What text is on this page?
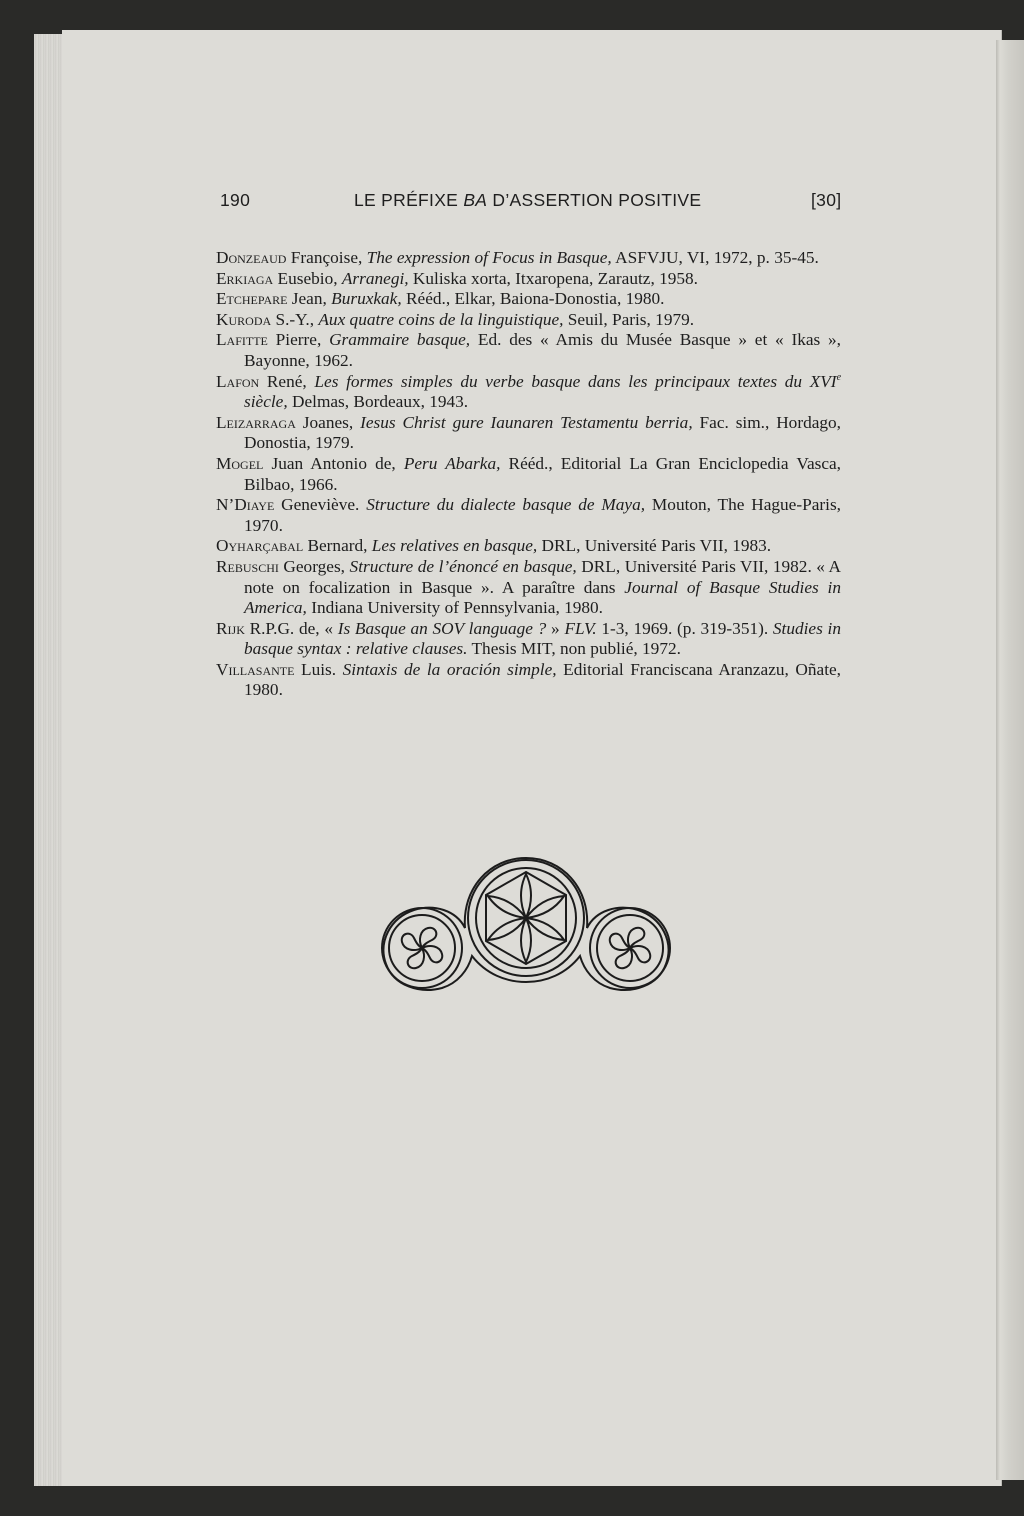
190	LE PRÉFIXE BA D’ASSERTION POSITIVE	[30]
Donzeaud Françoise, The expression of Focus in Basque, ASFVJU, VI, 1972, p. 35-45.
Erkiaga Eusebio, Arranegi, Kuliska xorta, Itxaropena, Zarautz, 1958.
Etchepare Jean, Buruxkak, Rééd., Elkar, Baiona-Donostia, 1980.
Kuroda S.-Y., Aux quatre coins de la linguistique, Seuil, Paris, 1979.
Lafitte Pierre, Grammaire basque, Ed. des « Amis du Musée Basque » et « Ikas », Bayonne, 1962.
Lafon René, Les formes simples du verbe basque dans les principaux textes du XVIe siècle, Delmas, Bordeaux, 1943.
Leizarraga Joanes, Iesus Christ gure Iaunaren Testamentu berria, Fac. sim., Hordago, Donostia, 1979.
Mogel Juan Antonio de, Peru Abarka, Rééd., Editorial La Gran Enciclopedia Vasca, Bilbao, 1966.
N’Diaye Geneviève. Structure du dialecte basque de Maya, Mouton, The Hague-Paris, 1970.
Oyharçabal Bernard, Les relatives en basque, DRL, Université Paris VII, 1983.
Rebuschi Georges, Structure de l’énoncé en basque, DRL, Université Paris VII, 1982. « A note on focalization in Basque ». A paraître dans Journal of Basque Studies in America, Indiana University of Pennsylvania, 1980.
Rijk R.P.G. de, « Is Basque an SOV language ? » FLV. 1-3, 1969. (p. 319-351). Studies in basque syntax : relative clauses. Thesis MIT, non publié, 1972.
Villasante Luis. Sintaxis de la oración simple, Editorial Franciscana Aranzazu, Oñate, 1980.
